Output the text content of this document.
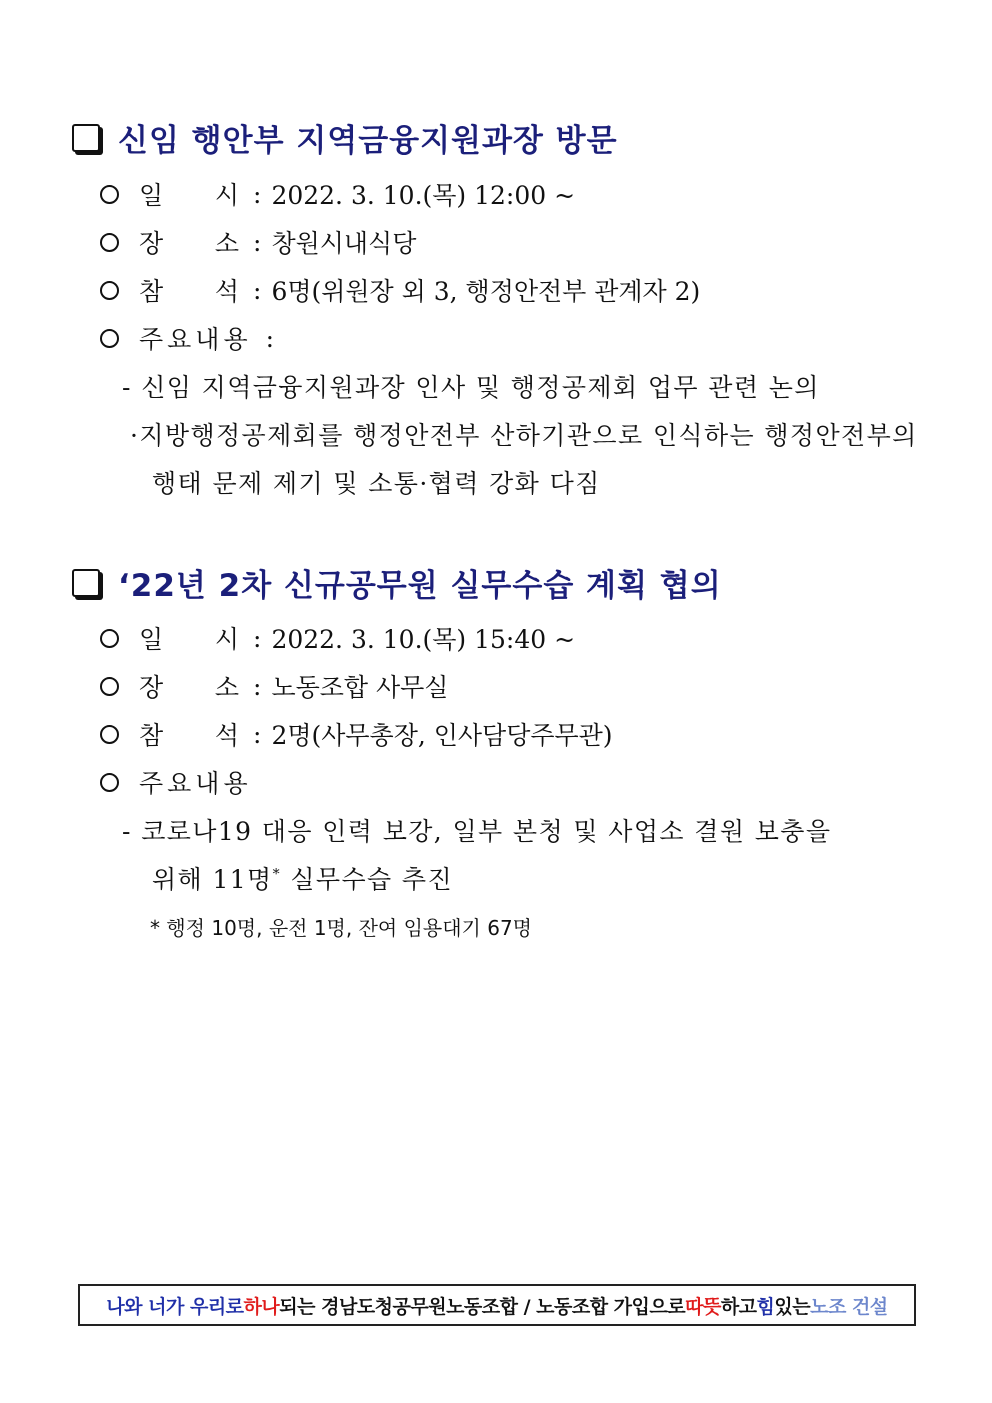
신임 행안부 지역금융지원과장 방문
일 시 : 2022. 3. 10.(목) 12:00 ~
장 소 : 창원시내식당
참 석 : 6명(위원장 외 3, 행정안전부 관계자 2)
주요내용 :
- 신임 지역금융지원과장 인사 및 행정공제회 업무 관련 논의
·지방행정공제회를 행정안전부 산하기관으로 인식하는 행정안전부의
행태 문제 제기 및 소통·협력 강화 다짐
‘22년 2차 신규공무원 실무수습 계획 협의
일 시 : 2022. 3. 10.(목) 15:40 ~
장 소 : 노동조합 사무실
참 석 : 2명(사무총장, 인사담당주무관)
주요내용
- 코로나19 대응 인력 보강, 일부 본청 및 사업소 결원 보충을
위해 11명* 실무수습 추진
* 행정 10명, 운전 1명, 잔여 임용대기 67명
나와 너가 우리로 하나 되는 경남도청공무원노동조합 / 노동조합 가입으로 따뜻 하고 힘 있는 노조 건설
